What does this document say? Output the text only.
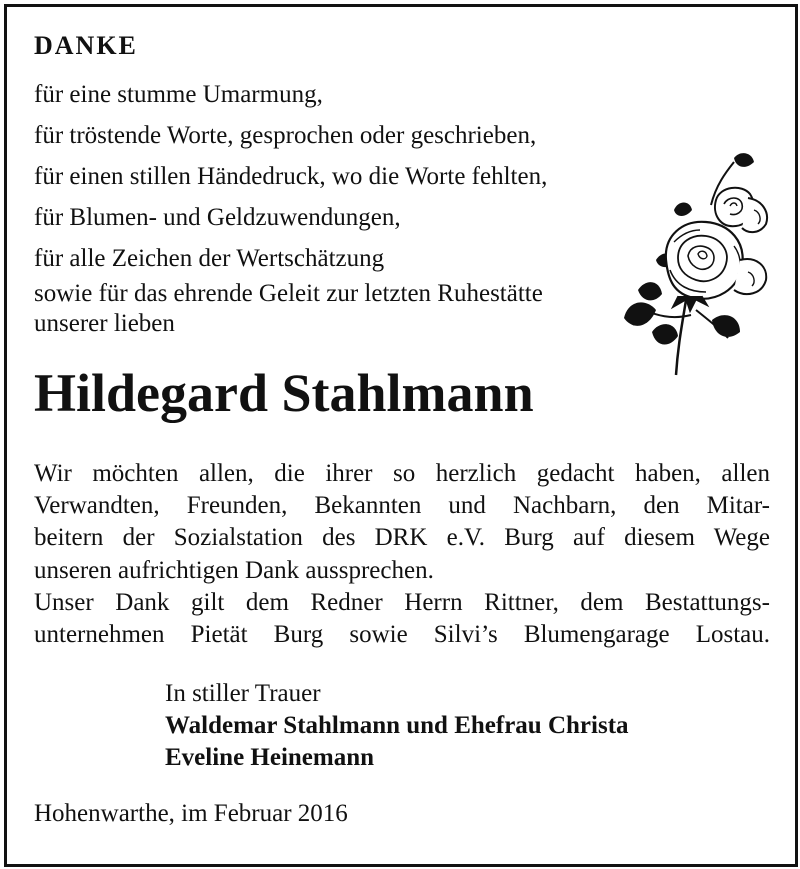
DANKE
für eine stumme Umarmung,
für tröstende Worte, gesprochen oder geschrieben,
für einen stillen Händedruck, wo die Worte fehlten,
für Blumen- und Geldzuwendungen,
für alle Zeichen der Wertschätzung
sowie für das ehrende Geleit zur letzten Ruhestätte
unserer lieben
Hildegard Stahlmann
Wir möchten allen, die ihrer so herzlich gedacht haben, allen
Verwandten, Freunden, Bekannten und Nachbarn, den Mitar-
beitern der Sozialstation des DRK e.V. Burg auf diesem Wege
unseren aufrichtigen Dank aussprechen.
Unser Dank gilt dem Redner Herrn Rittner, dem Bestattungs-
unternehmen Pietät Burg sowie Silvi’s Blumengarage Lostau.
In stiller Trauer
Waldemar Stahlmann und Ehefrau Christa
Eveline Heinemann
Hohenwarthe, im Februar 2016
